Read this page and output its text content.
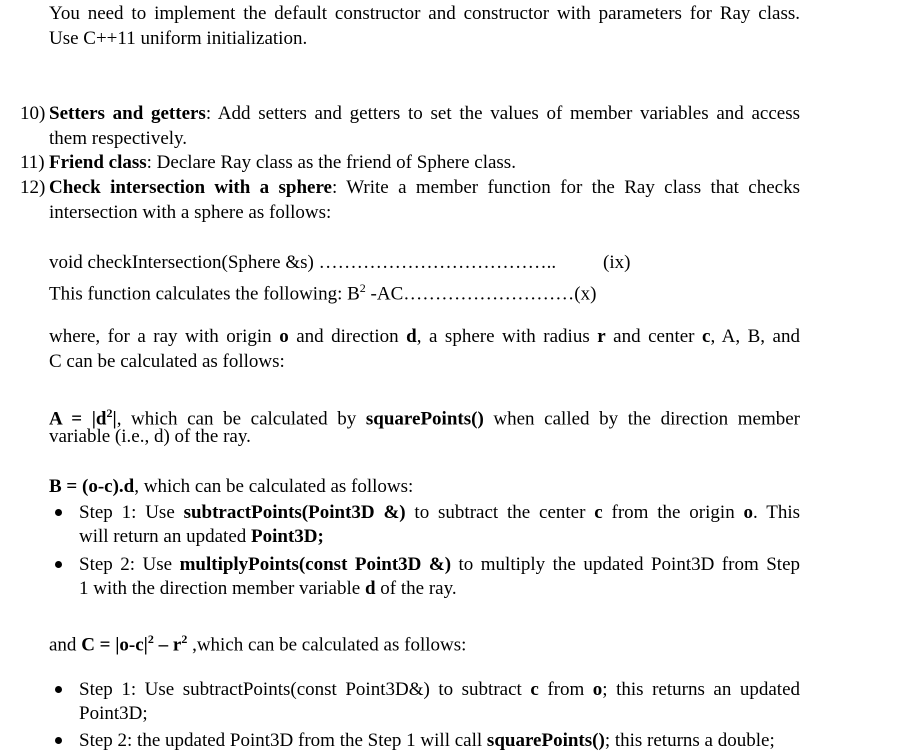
You need to implement the default constructor and constructor with parameters for Ray class.
Use C++11 uniform initialization.
10) Setters and getters: Add setters and getters to set the values of member variables and access
them respectively.
11) Friend class: Declare Ray class as the friend of Sphere class.
12) Check intersection with a sphere: Write a member function for the Ray class that checks
intersection with a sphere as follows:
void checkIntersection(Sphere &s) ……………………………….. (ix)
This function calculates the following: $B^2$ -AC………………………(x)
where, for a ray with origin o and direction d, a sphere with radius r and center c, A, B, and
C can be calculated as follows:
$A = |d^2|$, which can be calculated by squarePoints() when called by the direction member
variable (i.e., d) of the ray.
B = (o-c).d, which can be calculated as follows:
Step 1: Use subtractPoints(Point3D &) to subtract the center c from the origin o. This
will return an updated Point3D;
Step 2: Use multiplyPoints(const Point3D &) to multiply the updated Point3D from Step
1 with the direction member variable d of the ray.
and $C = |o-c|^2 - r^2$ ,which can be calculated as follows:
Step 1: Use subtractPoints(const Point3D&) to subtract c from o; this returns an updated
Point3D;
Step 2: the updated Point3D from the Step 1 will call squarePoints(); this returns a double;
